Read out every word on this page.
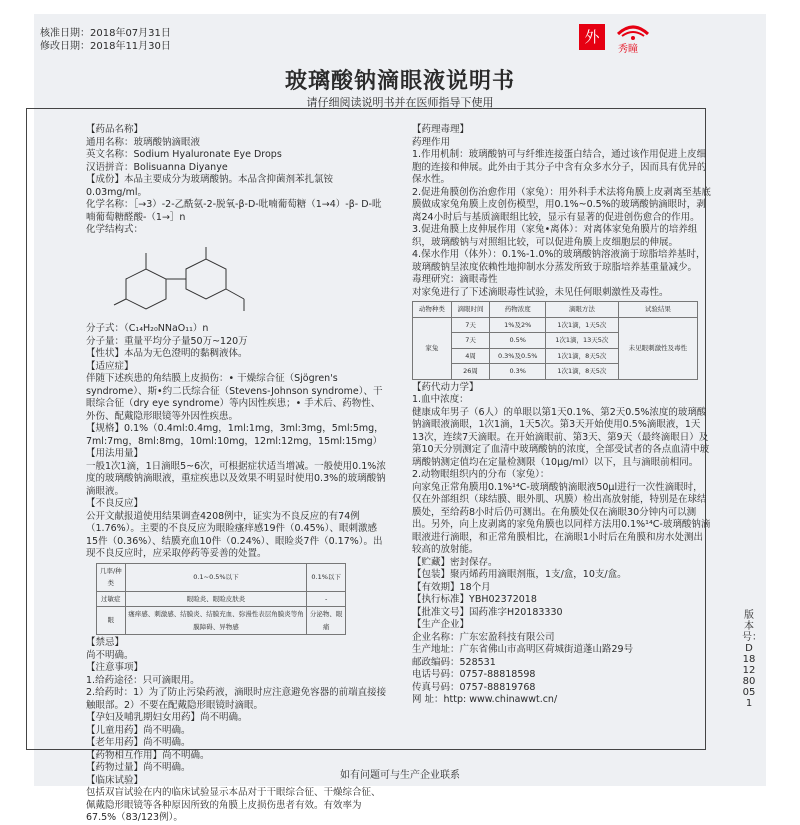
核准日期：2018年07月31日
修改日期：2018年11月30日
外
秀瞳
玻璃酸钠滴眼液说明书
请仔细阅读说明书并在医师指导下使用

【 药品名称 】

通用名称：玻璃酸钠滴眼液

英文名称：Sodium Hyaluronate Eye Drops

汉语拼音：Bolisuanna Diyanye

【成份】本品主要成分为玻璃酸钠。本品含抑菌剂苯扎氯铵0.03mg/ml。

化学名称：［→3）-2-乙酰氨-2-脱氧-β-D-吡喃葡萄糖（1→4）-β- D-吡喃葡萄糖醛酸-（1→］n

化学结构式：

分子式：（C₁₄H₂₀NNaO₁₁）n

分子量：重量平均分子量50万~120万

【性状】本品为无色澄明的黏稠液体。

【 适应症 】

伴随下述疾患的角结膜上皮损伤：• 干燥综合征（Sjögren's syndrome）、斯•约二氏综合征（Stevens-Johnson syndrome）、干眼综合征（dry eye syndrome）等内因性疾患；• 手术后、药物性、外伤、配戴隐形眼镜等外因性疾患。

【规格】0.1%（0.4ml:0.4mg，1ml:1mg，3ml:3mg，5ml:5mg，7ml:7mg，8ml:8mg，10ml:10mg，12ml:12mg，15ml:15mg）

【 用法用量 】

一般1次1滴，1日滴眼5~6次，可根据症状适当增减。一般使用0.1%浓度的玻璃酸钠滴眼液，重症疾患以及效果不明显时使用0.3%的玻璃酸钠滴眼液。

【 不良反应 】

公开文献报道使用结果调查4208例中，证实为不良反应的有74例（1.76%）。主要的不良反应为眼睑瘙痒感19件（0.45%）、眼刺激感15件（0.36%）、结膜充血10件（0.24%）、眼睑炎7件（0.17%）。出现不良反应时，应采取停药等妥善的处置。

几率/种类	0.1~0.5%以下	0.1%以下
过敏症	眼睑炎、眼睑皮肤炎	-
眼	瘙痒感、刺激感、结膜炎、结膜充血、弥漫性表层角膜炎等角膜障碍、异物感	分泌物、眼痛

【 禁忌 】

尚不明确。

【 注意事项 】

1.给药途径：只可滴眼用。

2.给药时：1）为了防止污染药液，滴眼时应注意避免容器的前端直接接触眼部。2）不要在配戴隐形眼镜时滴眼。

【孕妇及哺乳期妇女用药】尚不明确。

【儿童用药】尚不明确。

【老年用药】尚不明确。

【药物相互作用】尚不明确。

【药物过量】尚不明确。

【 临床试验 】

包括双盲试验在内的临床试验显示本品对于干眼综合征、干燥综合征、佩戴隐形眼镜等各种原因所致的角膜上皮损伤患者有效。有效率为67.5%（83/123例）。

【 药理毒理 】

药理作用

1.作用机制：玻璃酸钠可与纤维连接蛋白结合，通过该作用促进上皮细胞的连接和伸展。此外由于其分子中含有众多水分子，因而具有优异的保水性。

2.促进角膜创伤治愈作用（家兔）：用外科手术法将角膜上皮剥离至基底膜做成家兔角膜上皮创伤模型，用0.1%~0.5%的玻璃酸钠滴眼时，剥离24小时后与基质滴眼组比较，显示有显著的促进创伤愈合的作用。

3.促进角膜上皮伸展作用（家兔•离体）：对离体家兔角膜片的培养组织，玻璃酸钠与对照组比较，可以促进角膜上皮细胞层的伸展。

4.保水作用（体外）：0.1%-1.0%的玻璃酸钠溶液滴于琼脂培养基时，玻璃酸钠呈浓度依赖性地抑制水分蒸发所致于琼脂培养基重量减少。

毒理研究：滴眼毒性

对家兔进行了下述滴眼毒性试验，未见任何眼刺激性及毒性。

动物种类	滴眼时间	药物浓度	滴眼方法	试验结果
家兔	7天	1%及2%	1次1滴，1天5次	未见眼刺激性及毒性
	7天	0.5%	1次1滴，13天5次	
	4周	0.3%及0.5%	1次1滴，8天5次	
	26周	0.3%	1次1滴，8天5次	

【 药代动力学 】

1.血中浓度：

健康成年男子（6人）的单眼以第1天0.1%、第2天0.5%浓度的玻璃酸钠滴眼液滴眼，1次1滴，1天5次。第3天开始使用0.5%滴眼液，1天13次，连续7天滴眼。在开始滴眼前、第3天、第9天（最终滴眼日）及第10天分别测定了血清中玻璃酸钠的浓度，全部受试者的各点血清中玻璃酸钠测定值均在定量检测限（10μg/ml）以下，且与滴眼前相同。

2.动物眼组织内的分布（家兔）：

向家兔正常角膜用0.1%¹⁴C-玻璃酸钠滴眼液50μl进行一次性滴眼时，仅在外部组织（球结膜、眼外肌、巩膜）检出高放射能，特别是在球结膜处，至给药8小时后仍可测出。在角膜处仅在滴眼30分钟内可以测出。另外，向上皮剥离的家兔角膜也以同样方法用0.1%¹⁴C-玻璃酸钠滴眼液进行滴眼，和正常角膜相比，在滴眼1小时后在角膜和房水处测出较高的放射能。

【贮藏】密封保存。

【包装】聚丙烯药用滴眼剂瓶，1支/盒，10支/盒。

【有效期】18个月

【执行标准】YBH02372018

【批准文号】国药准字H20183330

【 生产企业 】

企业名称：广东宏盈科技有限公司

生产地址：广东省佛山市高明区荷城街道蓬山路29号

邮政编码：528531

电话号码：0757-88818598

传真号码：0757-88819768

网 址：http: www.chinawwt.cn/

版本号：D181280051
如有问题可与生产企业联系
